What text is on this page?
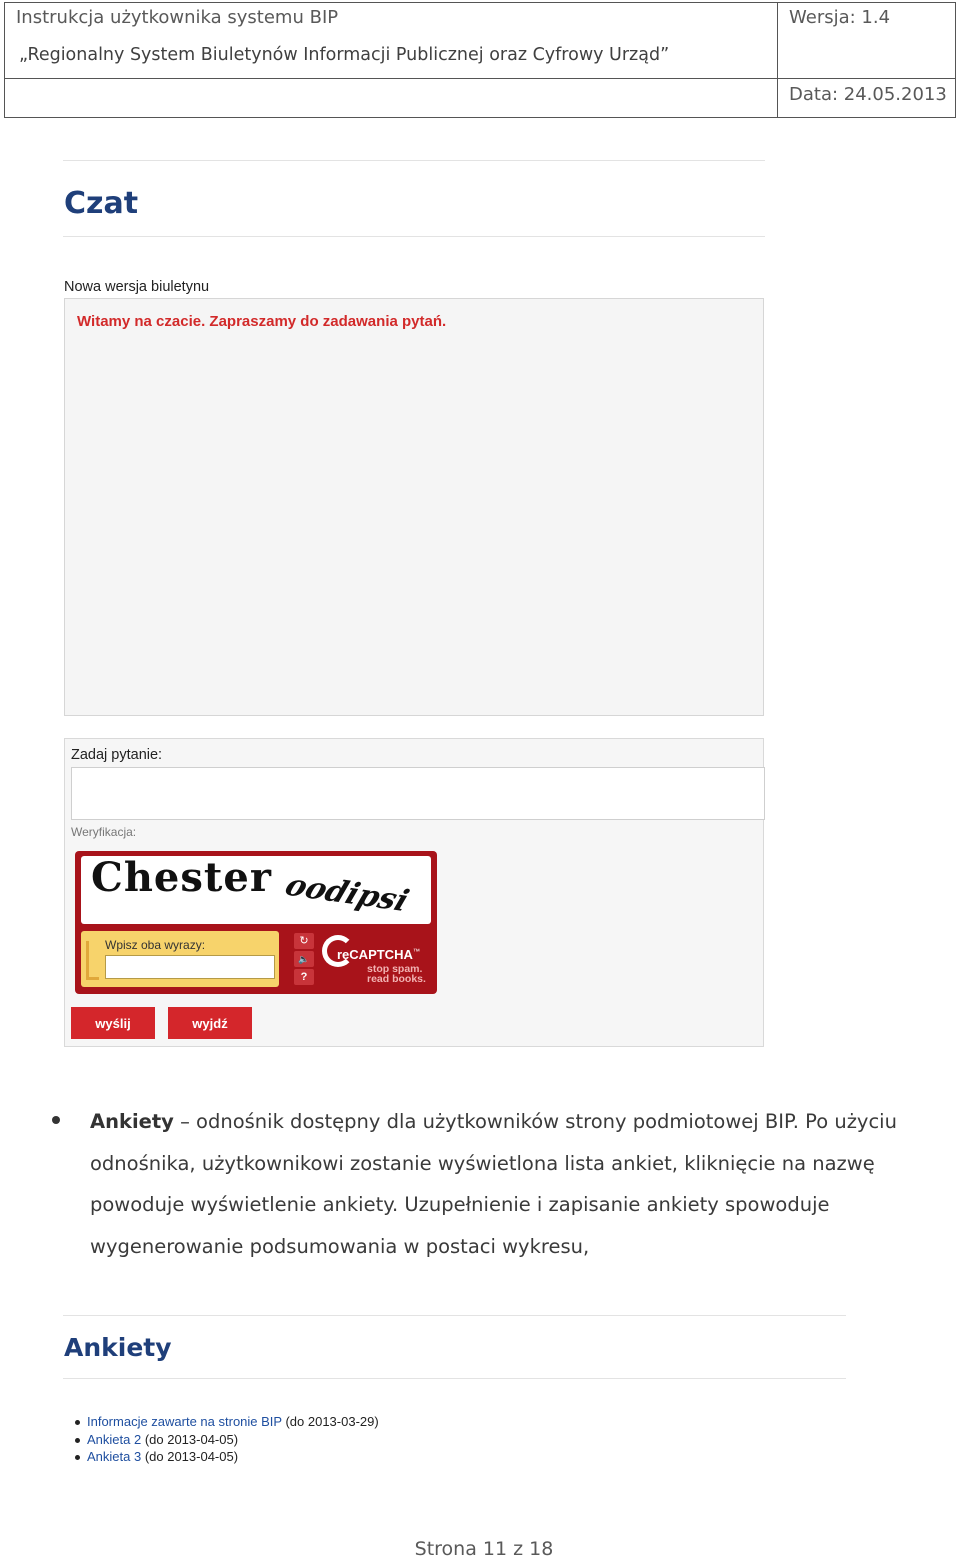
Instrukcja użytkownika systemu BIP
„Regionalny System Biuletynów Informacji Publicznej oraz Cyfrowy Urząd”
Wersja: 1.4
Data: 24.05.2013
Czat
Nowa wersja biuletynu
Witamy na czacie. Zapraszamy do zadawania pytań.
Zadaj pytanie:
Weryfikacja:
Chester oodipsi
Wpisz oba wyrazy:	↻
🔈
?
reCAPTCHA™
stop spam.
read books.
wyślij	wyjdź
Ankiety – odnośnik dostępny dla użytkowników strony podmiotowej BIP. Po użyciu odnośnika, użytkownikowi zostanie wyświetlona lista ankiet, kliknięcie na nazwę powoduje wyświetlenie ankiety. Uzupełnienie i zapisanie ankiety spowoduje wygenerowanie podsumowania w postaci wykresu,
Ankiety
Informacje zawarte na stronie BIP (do 2013-03-29)
Ankieta 2 (do 2013-04-05)
Ankieta 3 (do 2013-04-05)
Strona 11 z 18
